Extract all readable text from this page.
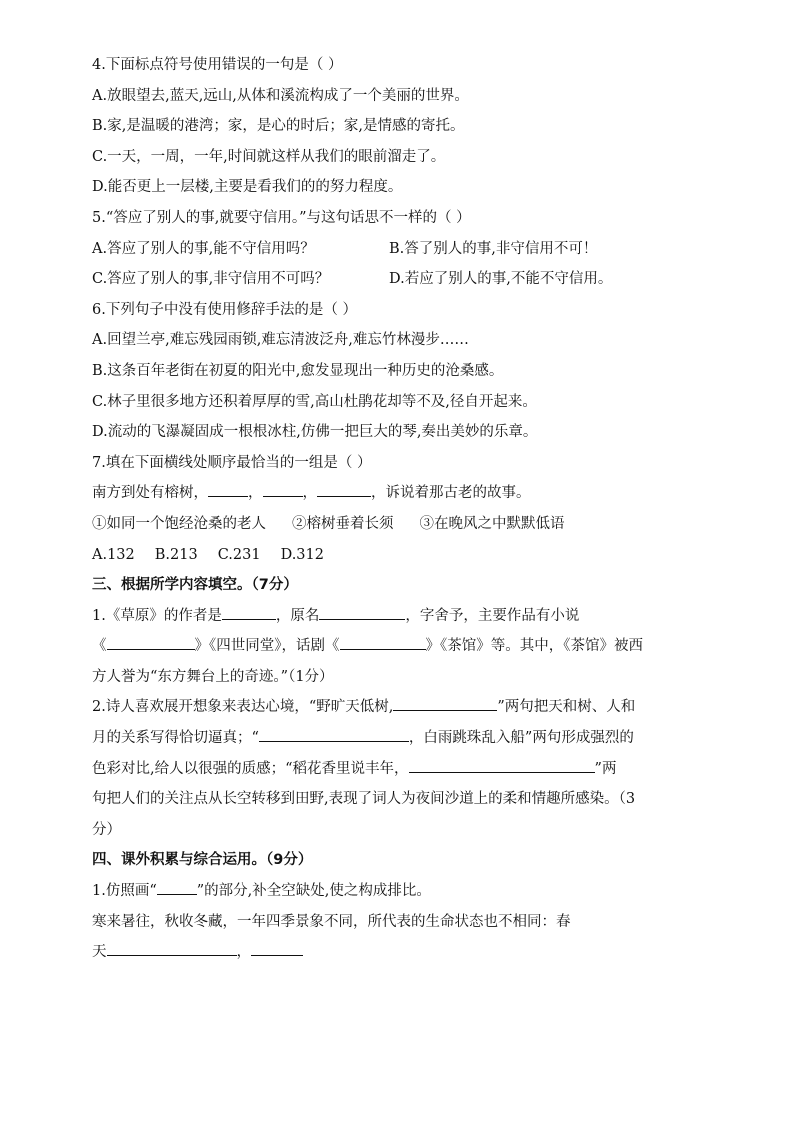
4.下面标点符号使用错误的一句是（ ）
A.放眼望去,蓝天,远山,从体和溪流构成了一个美丽的世界。
B.家,是温暖的港湾；家，是心的时后；家,是情感的寄托。
C.一天，一周，一年,时间就这样从我们的眼前溜走了。
D.能否更上一层楼,主要是看我们的的努力程度。
5.“答应了别人的事,就要守信用。”与这句话思不一样的（ ）
A.答应了别人的事,能不守信用吗？	B.答了别人的事,非守信用不可！
C.答应了别人的事,非守信用不可吗？	D.若应了别人的事,不能不守信用。
6.下列句子中没有使用修辞手法的是（ ）
A.回望兰亭,难忘残园雨锁,难忘清波泛舟,难忘竹林漫步……
B.这条百年老街在初夏的阳光中,愈发显现出一种历史的沧桑感。
C.林子里很多地方还积着厚厚的雪,高山杜鹃花却等不及,径自开起来。
D.流动的飞瀑凝固成一根根冰柱,仿佛一把巨大的琴,奏出美妙的乐章。
7.填在下面横线处顺序最恰当的一组是（ ）
南方到处有榕树，	，	，	，诉说着那古老的故事。
①如同一个饱经沧桑的老人 ②榕树垂着长须 ③在晚风之中默默低语
A.132 B.213 C.231 D.312
三、根据所学内容填空。（7分）
1.《草原》的作者是	，原名	，字舍予，主要作品有小说
《	》《四世同堂》，话剧《	》《茶馆》等。其中，《茶馆》被西
方人誉为“东方舞台上的奇迹。”（1分）
2.诗人喜欢展开想象来表达心境，“野旷天低树,	”两句把天和树、人和
月的关系写得恰切逼真；“	，白雨跳珠乱入船”两句形成强烈的
色彩对比,给人以很强的质感；“稻花香里说丰年，	”两
句把人们的关注点从长空转移到田野,表现了词人为夜间沙道上的柔和情趣所感染。（3
分）
四、课外积累与综合运用。（9分）
1.仿照画“	”的部分,补全空缺处,使之构成排比。
寒来暑往，秋收冬藏，一年四季景象不同，所代表的生命状态也不相同：春
天	，
